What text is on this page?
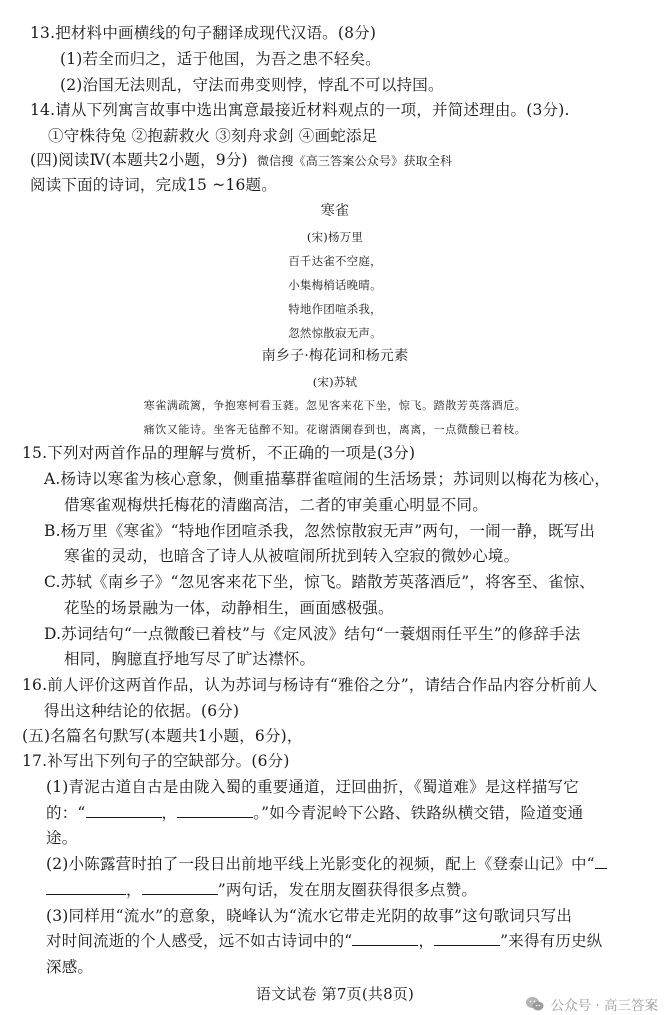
13.把材料中画横线的句子翻译成现代汉语。(8分)
(1)若全而归之，适于他国，为吾之患不轻矣。
(2)治国无法则乱，守法而弗变则悖，悖乱不可以持国。
14.请从下列寓言故事中选出寓意最接近材料观点的一项，并简述理由。(3分).
①守株待兔 ②抱薪救火 ③刻舟求剑 ④画蛇添足
(四)阅读Ⅳ(本题共2小题，9分) 微信搜《高三答案公众号》获取全科
阅读下面的诗词，完成15 ~16题。
寒雀
(宋)杨万里
百千达雀不空庭，
小集梅梢话晚晴。
特地作团喧杀我，
忽然惊散寂无声。
南乡子·梅花词和杨元素
(宋)苏轼
寒雀满疏篱，争抱寒柯看玉蕤。忽见客来花下坐，惊飞。踏散芳英落酒卮。
痛饮又能诗。坐客无毡醉不知。花谢酒阑春到也，离离，一点微酸已着枝。
15.下列对两首作品的理解与赏析，不正确的一项是(3分)
A.杨诗以寒雀为核心意象，侧重描摹群雀喧闹的生活场景；苏词则以梅花为核心，
借寒雀观梅烘托梅花的清幽高洁，二者的审美重心明显不同。
B.杨万里《寒雀》“特地作团喧杀我，忽然惊散寂无声”两句，一闹一静，既写出
寒雀的灵动，也暗含了诗人从被喧闹所扰到转入空寂的微妙心境。
C.苏轼《南乡子》“忽见客来花下坐，惊飞。踏散芳英落酒卮”，将客至、雀惊、
花坠的场景融为一体，动静相生，画面感极强。
D.苏词结句“一点微酸已着枝”与《定风波》结句“一蓑烟雨任平生”的修辞手法
相同，胸臆直抒地写尽了旷达襟怀。
16.前人评价这两首作品，认为苏词与杨诗有“雅俗之分”，请结合作品内容分析前人
得出这种结论的依据。(6分)
(五)名篇名句默写(本题共1小题，6分)，
17.补写出下列句子的空缺部分。(6分)
(1)青泥古道自古是由陇入蜀的重要通道，迂回曲折，《蜀道难》是这样描写它
的：“	，	。”如今青泥岭下公路、铁路纵横交错，险道变通
途。
(2)小陈露营时拍了一段日出前地平线上光影变化的视频，配上《登泰山记》中“
，	”两句话，发在朋友圈获得很多点赞。
(3)同样用“流水”的意象，晓峰认为“流水它带走光阴的故事”这句歌词只写出
对时间流逝的个人感受，远不如古诗词中的“	，	”来得有历史纵
深感。
语文试卷 第7页(共8页)
公众号 · 高三答案
